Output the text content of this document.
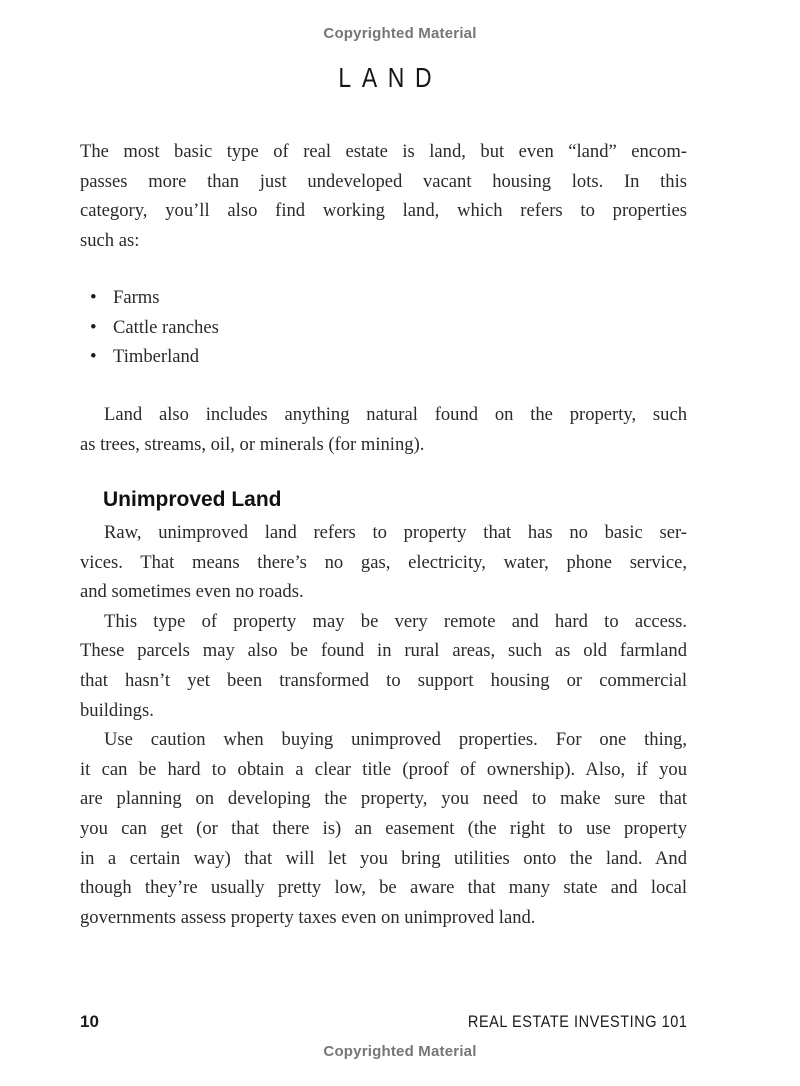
Copyrighted Material
LAND
The most basic type of real estate is land, but even “land” encom-
passes more than just undeveloped vacant housing lots. In this
category, you’ll also find working land, which refers to properties
such as:
• Farms
• Cattle ranches
• Timberland
Land also includes anything natural found on the property, such
as trees, streams, oil, or minerals (for mining).
Unimproved Land
Raw, unimproved land refers to property that has no basic ser-
vices. That means there’s no gas, electricity, water, phone service,
and sometimes even no roads.
This type of property may be very remote and hard to access.
These parcels may also be found in rural areas, such as old farmland
that hasn’t yet been transformed to support housing or commercial
buildings.
Use caution when buying unimproved properties. For one thing,
it can be hard to obtain a clear title (proof of ownership). Also, if you
are planning on developing the property, you need to make sure that
you can get (or that there is) an easement (the right to use property
in a certain way) that will let you bring utilities onto the land. And
though they’re usually pretty low, be aware that many state and local
governments assess property taxes even on unimproved land.
10	REAL ESTATE INVESTING 101
Copyrighted Material
